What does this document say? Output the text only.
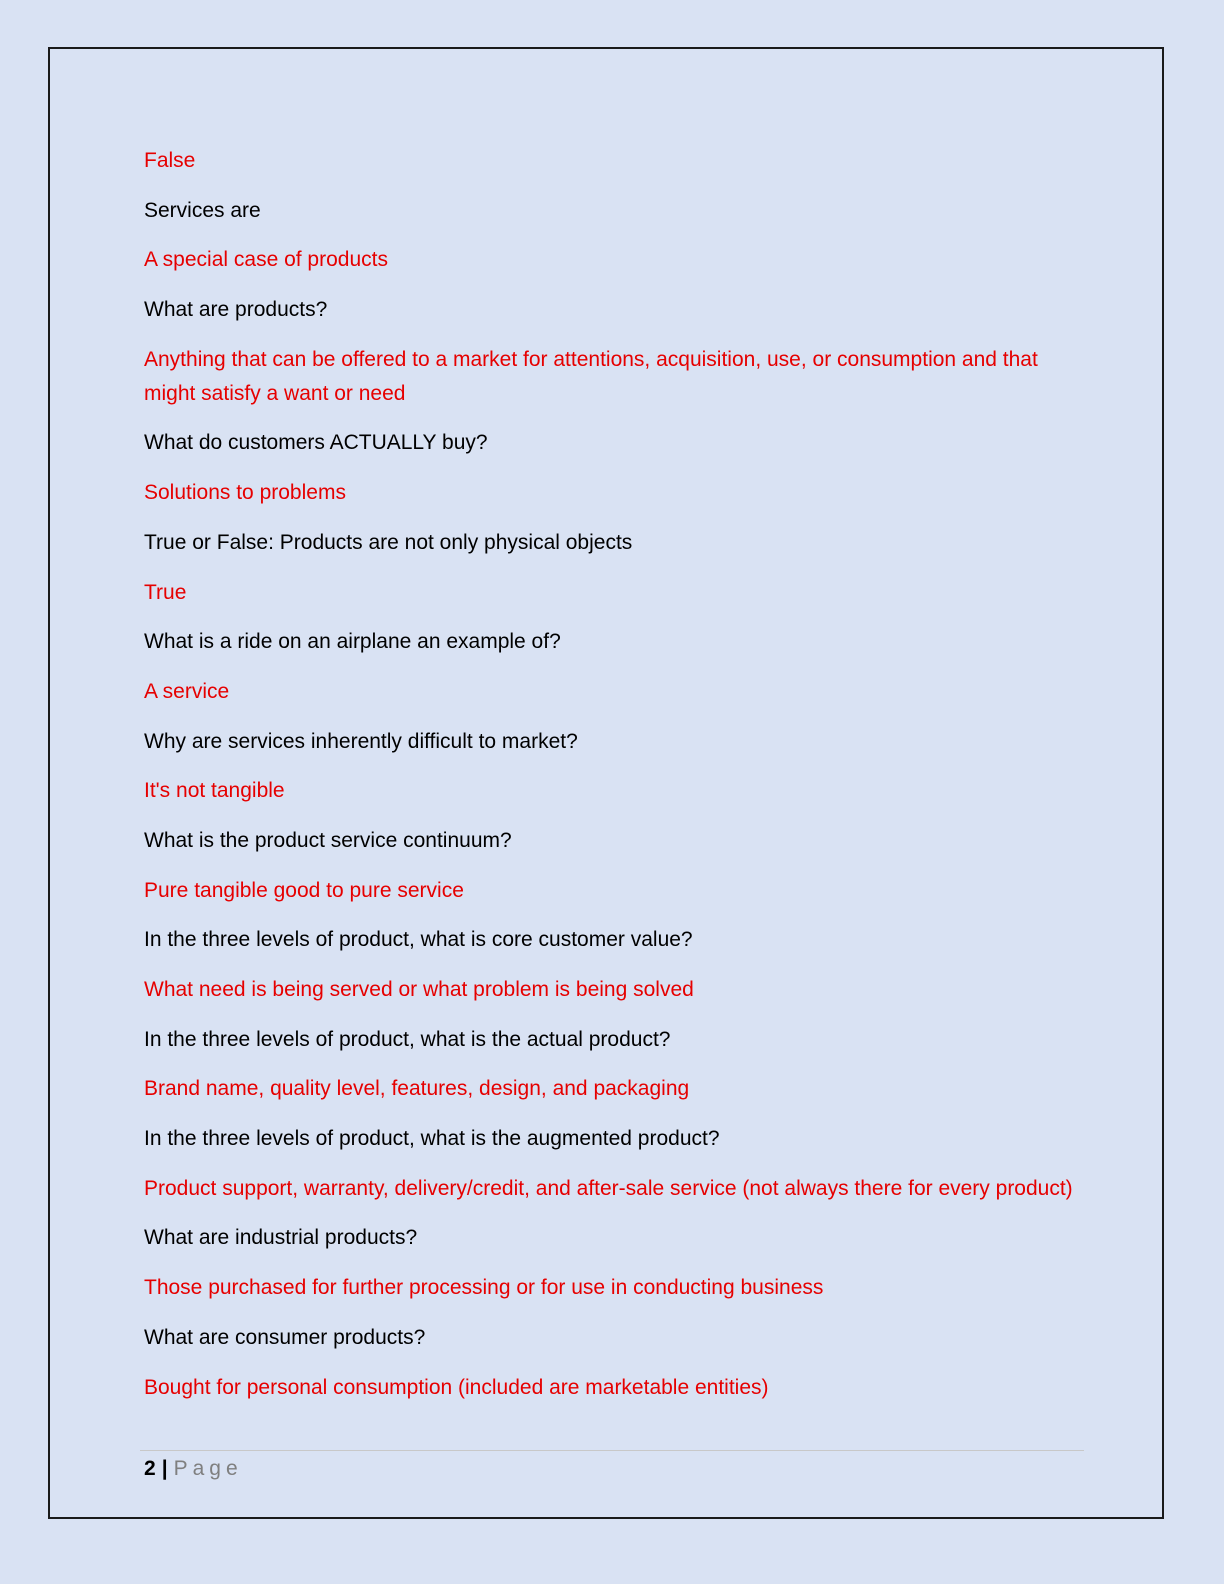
False

Services are

A special case of products

What are products?

Anything that can be offered to a market for attentions, acquisition, use, or consumption and that might satisfy a want or need

What do customers ACTUALLY buy?

Solutions to problems

True or False: Products are not only physical objects

True

What is a ride on an airplane an example of?

A service

Why are services inherently difficult to market?

It's not tangible

What is the product service continuum?

Pure tangible good to pure service

In the three levels of product, what is core customer value?

What need is being served or what problem is being solved

In the three levels of product, what is the actual product?

Brand name, quality level, features, design, and packaging

In the three levels of product, what is the augmented product?

Product support, warranty, delivery/credit, and after-sale service (not always there for every product)

What are industrial products?

Those purchased for further processing or for use in conducting business

What are consumer products?

Bought for personal consumption (included are marketable entities)

2 | Page
